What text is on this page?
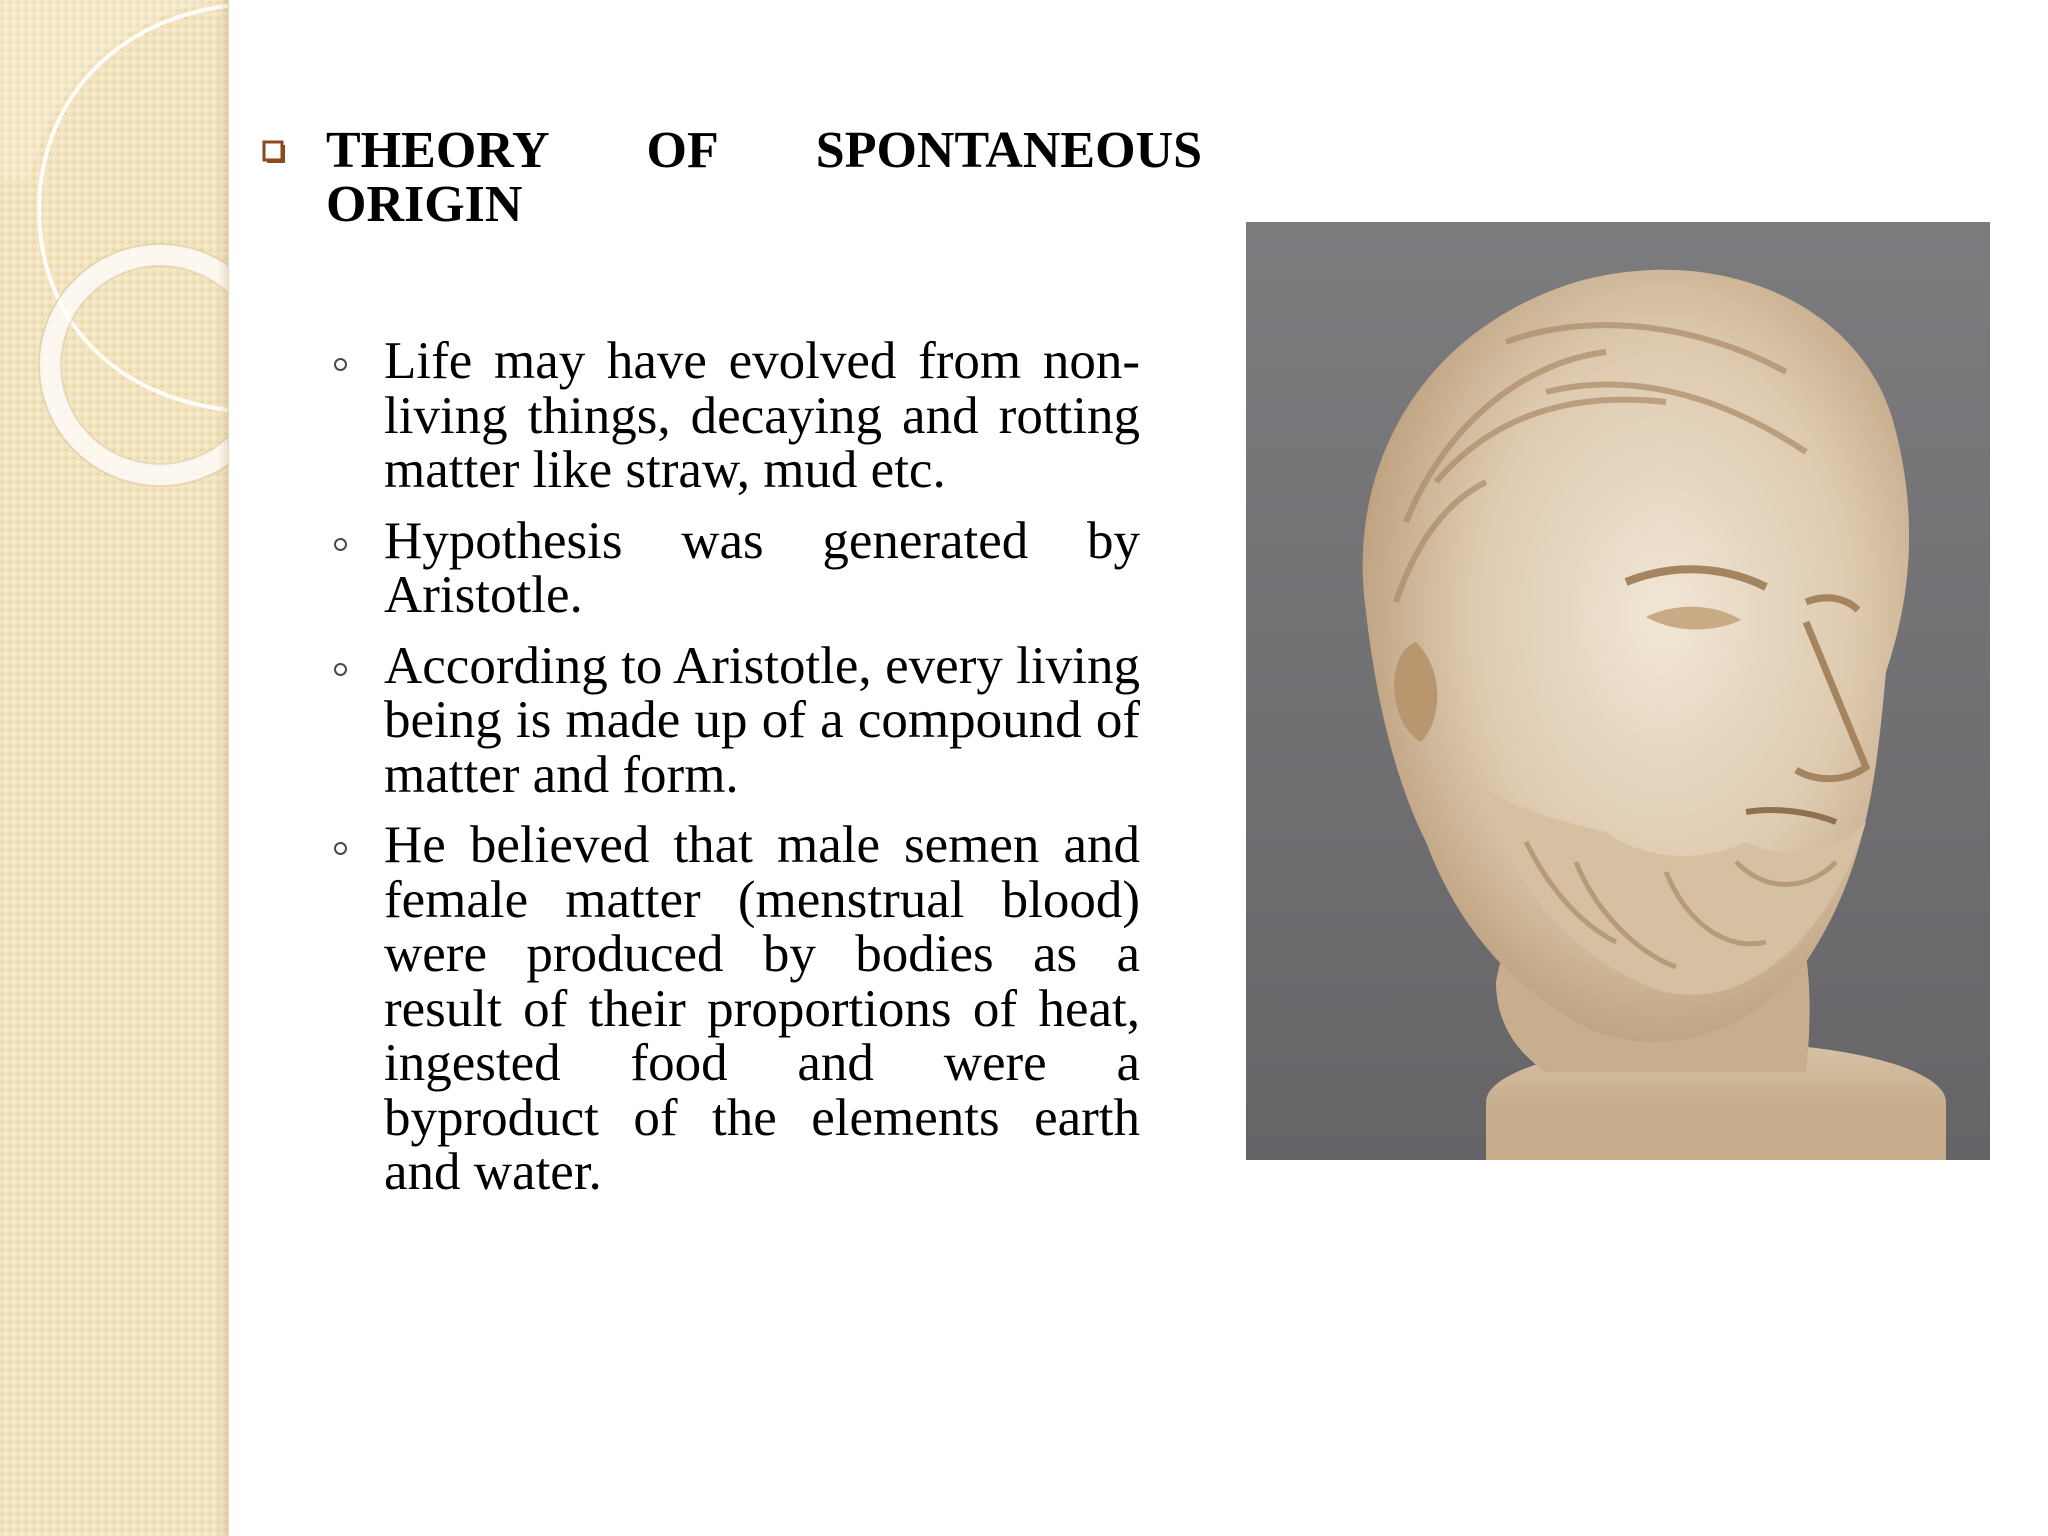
THEORY OF SPONTANEOUS ORIGIN
Life may have evolved from non-living things, decaying and rotting matter like straw, mud etc.
Hypothesis was generated by Aristotle.
According to Aristotle, every living being is made up of a compound of matter and form.
He believed that male semen and female matter (menstrual blood) were produced by bodies as a result of their proportions of heat, ingested food and were a byproduct of the elements earth and water.
